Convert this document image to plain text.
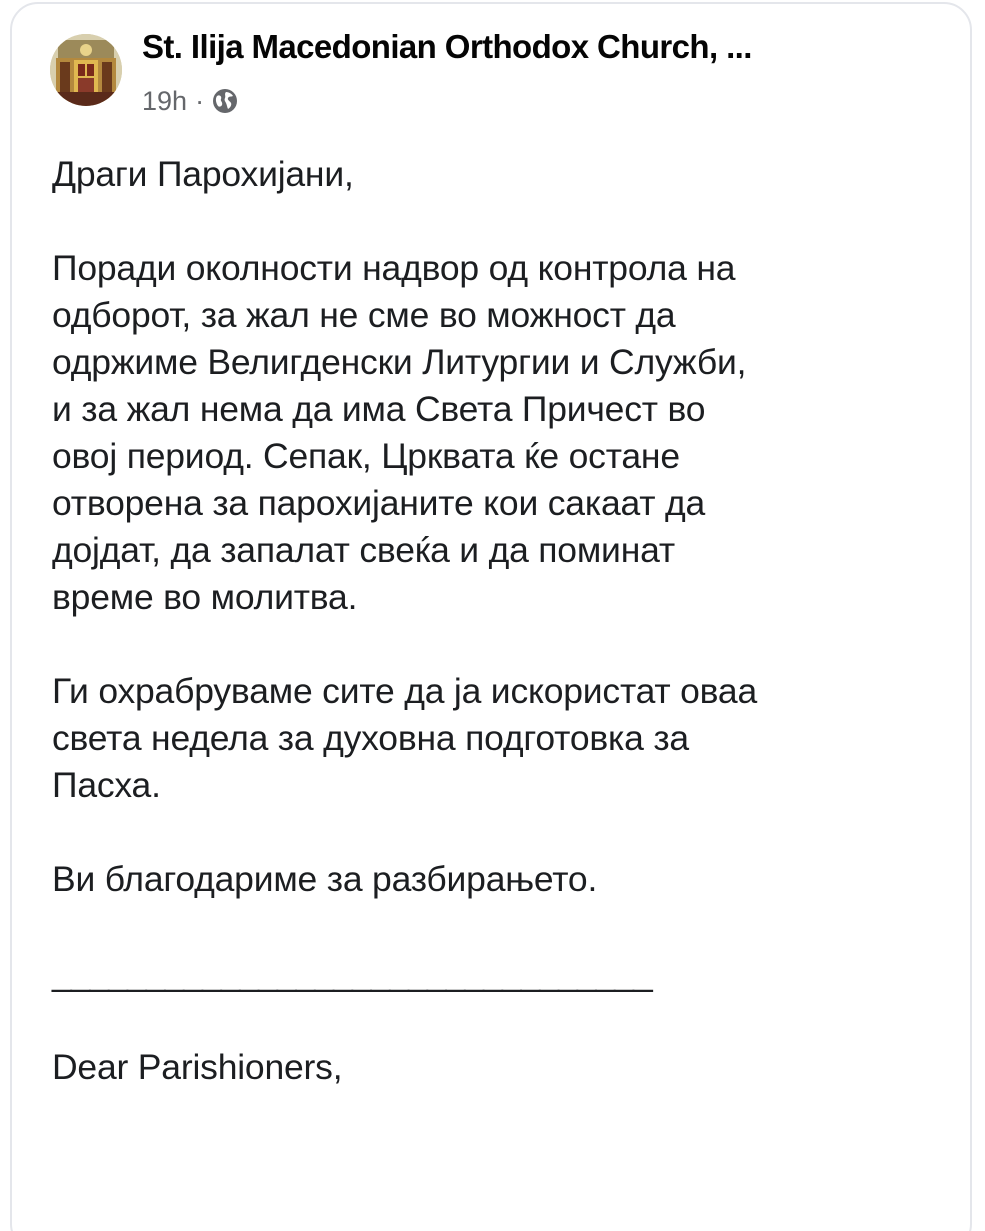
St. Ilija Macedonian Orthodox Church, ...
19h ·

Драги Парохијани,

Поради околности надвор од контрола на
одборот, за жал не сме во можност да
одржиме Велигденски Литургии и Служби,
и за жал нема да има Света Причест во
овој период. Сепак, Црквата ќе остане
отворена за парохијаните кои сакаат да
дојдат, да запалат свеќа и да поминат
време во молитва.

Ги охрабруваме сите да ја искористат оваа
света недела за духовна подготовка за
Пасха.

Ви благодариме за разбирањето.

________________________________

Dear Parishioners,
